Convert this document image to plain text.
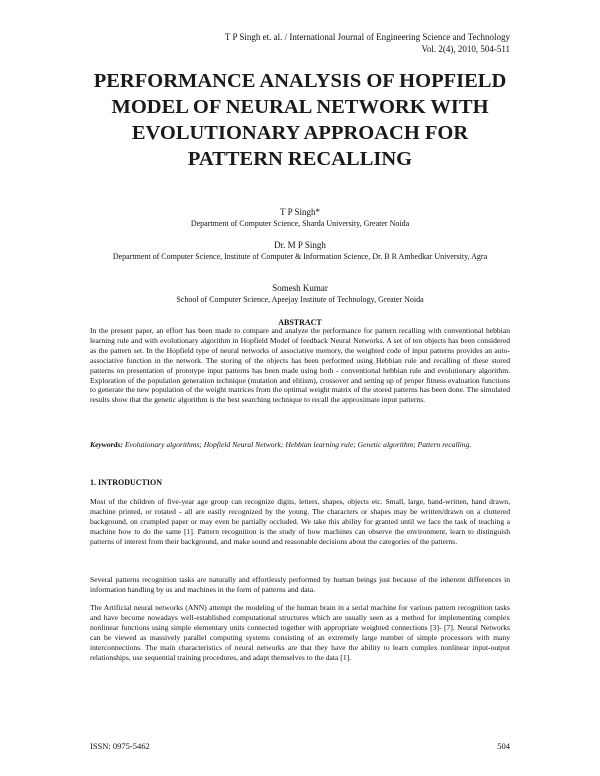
T P Singh et. al. / International Journal of Engineering Science and Technology
Vol. 2(4), 2010, 504-511
PERFORMANCE ANALYSIS OF HOPFIELD MODEL OF NEURAL NETWORK WITH EVOLUTIONARY APPROACH FOR PATTERN RECALLING
T P Singh*
Department of Computer Science, Sharda University, Greater Noida
Dr. M P Singh
Department of Computer Science, Institute of Computer & Information Science, Dr. B R Ambedkar University, Agra
Somesh Kumar
School of Computer Science, Apeejay Institute of Technology, Greater Noida
ABSTRACT
In the present paper, an effort has been made to compare and analyze the performance for pattern recalling with conventional hebbian learning rule and with evolutionary algorithm in Hopfield Model of feedback Neural Networks. A set of ten objects has been considered as the pattern set. In the Hopfield type of neural networks of associative memory, the weighted code of input patterns provides an auto-associative function in the network. The storing of the objects has been performed using Hebbian rule and recalling of these stored patterns on presentation of prototype input patterns has been made using both - conventional hebbian rule and evolutionary algorithm. Exploration of the population generation technique (mutation and elitism), crossover and setting up of proper fitness evaluation functions to generate the new population of the weight matrices from the optimal weight matrix of the stored patterns has been done. The simulated results show that the genetic algorithm is the best searching technique to recall the approximate input patterns.
Keywords: Evolutionary algorithms; Hopfield Neural Network; Hebbian learning rule; Genetic algorithm; Pattern recalling.
1. INTRODUCTION
Most of the children of five-year age group can recognize digits, letters, shapes, objects etc. Small, large, hand-written, hand drawn, machine printed, or rotated - all are easily recognized by the young. The characters or shapes may be written/drawn on a cluttered background, on crumpled paper or may even be partially occluded. We take this ability for granted until we face the task of teaching a machine how to do the same [1]. Pattern recognition is the study of how machines can observe the environment, learn to distinguish patterns of interest from their background, and make sound and reasonable decisions about the categories of the patterns.
Several patterns recognition tasks are naturally and effortlessly performed by human beings just because of the inherent differences in information handling by us and machines in the form of patterns and data.
The Artificial neural networks (ANN) attempt the modeling of the human brain in a serial machine for various pattern recognition tasks and have become nowadays well-established computational structures which are usually seen as a method for implementing complex nonlinear functions using simple elementary units connected together with appropriate weighted connections [3]- [7]. Neural Networks can be viewed as massively parallel computing systems consisting of an extremely large number of simple processors with many interconnections. The main characteristics of neural networks are that they have the ability to learn complex nonlinear input-output relationships, use sequential training procedures, and adapt themselves to the data [1].
ISSN: 0975-5462	504
